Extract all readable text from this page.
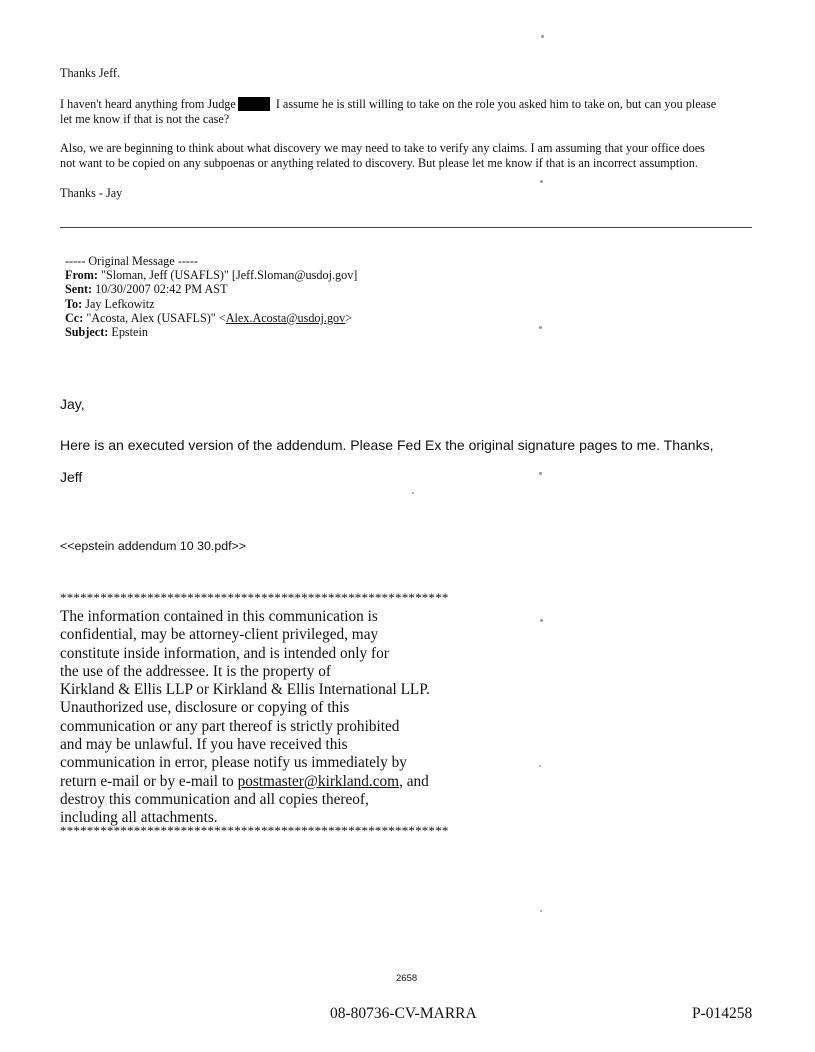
Thanks Jeff.
I haven't heard anything from Judge	I assume he is still willing to take on the role you asked him to take on, but can you please
let me know if that is not the case?
Also, we are beginning to think about what discovery we may need to take to verify any claims. I am assuming that your office does
not want to be copied on any subpoenas or anything related to discovery. But please let me know if that is an incorrect assumption.
Thanks - Jay
----- Original Message -----
From: "Sloman, Jeff (USAFLS)" [Jeff.Sloman@usdoj.gov]
Sent: 10/30/2007 02:42 PM AST
To: Jay Lefkowitz
Cc: "Acosta, Alex (USAFLS)" <Alex.Acosta@usdoj.gov>
Subject: Epstein
Jay,
Here is an executed version of the addendum. Please Fed Ex the original signature pages to me. Thanks,
Jeff
<<epstein addendum 10 30.pdf>>
**********************************************************
The information contained in this communication is
confidential, may be attorney-client privileged, may
constitute inside information, and is intended only for
the use of the addressee. It is the property of
Kirkland & Ellis LLP or Kirkland & Ellis International LLP.
Unauthorized use, disclosure or copying of this
communication or any part thereof is strictly prohibited
and may be unlawful. If you have received this
communication in error, please notify us immediately by
return e-mail or by e-mail to postmaster@kirkland.com, and
destroy this communication and all copies thereof,
including all attachments.
**********************************************************
2658
08-80736-CV-MARRA	P-014258
